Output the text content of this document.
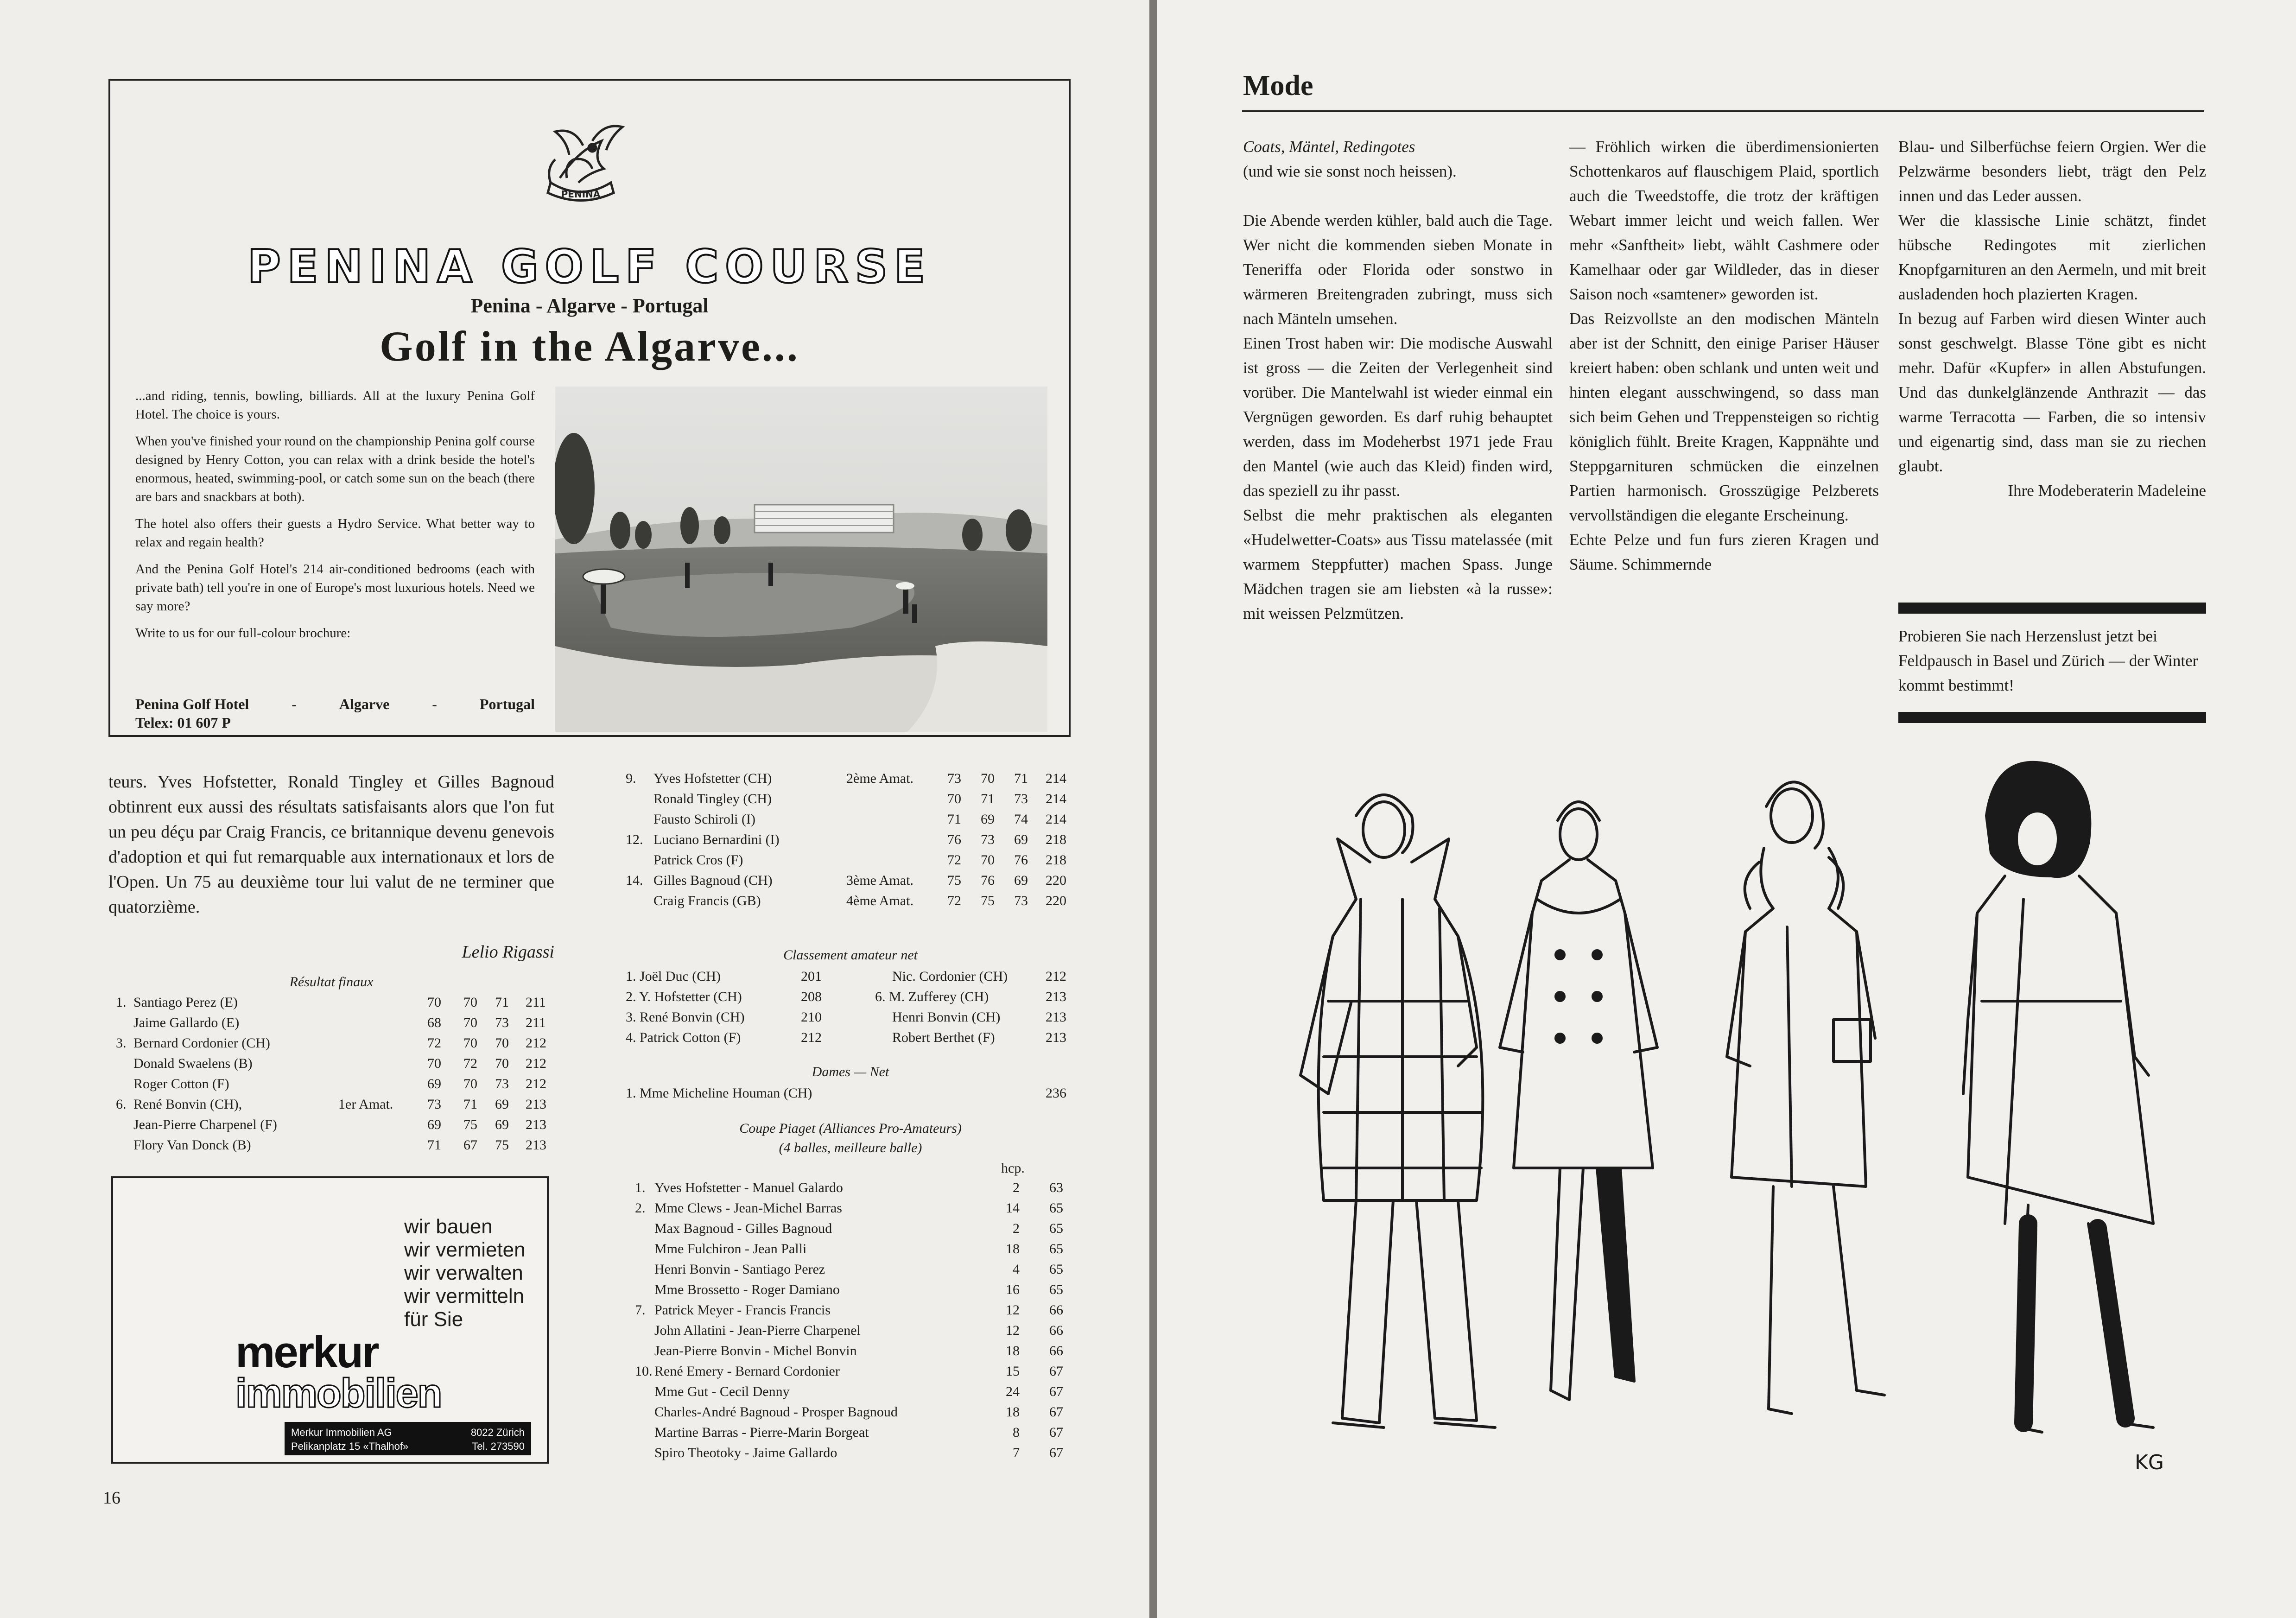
PENINA
PENINA GOLF COURSE
Penina - Algarve - Portugal
Golf in the Algarve...

...and riding, tennis, bowling, billiards. All at the luxury Penina Golf Hotel. The choice is yours.

When you've finished your round on the championship Penina golf course designed by Henry Cotton, you can relax with a drink beside the hotel's enormous, heated, swimming-pool, or catch some sun on the beach (there are bars and snackbars at both).

The hotel also offers their guests a Hydro Service. What better way to relax and regain health?

And the Penina Golf Hotel's 214 air-conditioned bedrooms (each with private bath) tell you're in one of Europe's most luxurious hotels. Need we say more?

Write to us for our full-colour brochure:

Penina Golf Hotel	-	Algarve	-	Portugal
Telex: 01 607 P

teurs. Yves Hofstetter, Ronald Tingley et Gilles Bagnoud obtinrent eux aussi des résultats satisfaisants alors que l'on fut un peu déçu par Craig Francis, ce britannique devenu genevois d'adoption et qui fut remarquable aux internationaux et lors de l'Open. Un 75 au deuxième tour lui valut de ne terminer que quatorzième.

Lelio Rigassi
Résultat finaux
1. Santiago Perez (E)	70 70 71 211
Jaime Gallardo (E)	68 70 73 211
3. Bernard Cordonier (CH)	72 70 70 212
Donald Swaelens (B)	70 72 70 212
Roger Cotton (F)	69 70 73 212
6. René Bonvin (CH),	1er Amat. 73 71 69 213
Jean-Pierre Charpenel (F)	69 75 69 213
Flory Van Donck (B)	71 67 75 213
9. Yves Hofstetter (CH)	2ème Amat. 73 70 71 214
Ronald Tingley (CH)	70 71 73 214
Fausto Schiroli (I)	71 69 74 214
12. Luciano Bernardini (I)	76 73 69 218
Patrick Cros (F)	72 70 76 218
14. Gilles Bagnoud (CH)	3ème Amat. 75 76 69 220
Craig Francis (GB)	4ème Amat. 72 75 73 220
Classement amateur net
1. Joël Duc (CH)	201	Nic. Cordonier (CH)	212
2. Y. Hofstetter (CH)	208	6. M. Zufferey (CH)	213
3. René Bonvin (CH)	210	Henri Bonvin (CH)	213
4. Patrick Cotton (F)	212	Robert Berthet (F)	213
Dames — Net
1. Mme Micheline Houman (CH)	236
Coupe Piaget (Alliances Pro-Amateurs)
(4 balles, meilleure balle)
hcp.
1. Yves Hofstetter - Manuel Galardo	2 63
2. Mme Clews - Jean-Michel Barras	14 65
Max Bagnoud - Gilles Bagnoud	2 65
Mme Fulchiron - Jean Palli	18 65
Henri Bonvin - Santiago Perez	4 65
Mme Brossetto - Roger Damiano	16 65
7. Patrick Meyer - Francis Francis	12 66
John Allatini - Jean-Pierre Charpenel	12 66
Jean-Pierre Bonvin - Michel Bonvin	18 66
10. René Emery - Bernard Cordonier	15 67
Mme Gut - Cecil Denny	24 67
Charles-André Bagnoud - Prosper Bagnoud	18 67
Martine Barras - Pierre-Marin Borgeat	8 67
Spiro Theotoky - Jaime Gallardo	7 67
wir bauen
wir vermieten
wir verwalten
wir vermitteln
für Sie
merkur
immobilien
Merkur Immobilien AG	8022 Zürich
Pelikanplatz 15 «Thalhof»	Tel. 273590
16
Mode

Coats, Mäntel, Redingotes

(und wie sie sonst noch heissen).

Die Abende werden kühler, bald auch die Tage. Wer nicht die kommenden sieben Monate in Teneriffa oder Florida oder sonstwo in wärmeren Breitengraden zubringt, muss sich nach Mänteln umsehen.

Einen Trost haben wir: Die modische Auswahl ist gross — die Zeiten der Verlegenheit sind vorüber. Die Mantelwahl ist wieder einmal ein Vergnügen geworden. Es darf ruhig behauptet werden, dass im Modeherbst 1971 jede Frau den Mantel (wie auch das Kleid) finden wird, das speziell zu ihr passt.

Selbst die mehr praktischen als eleganten «Hudelwetter-Coats» aus Tissu matelassée (mit warmem Steppfutter) machen Spass. Junge Mädchen tragen sie am liebsten «à la russe»: mit weissen Pelzmützen.

— Fröhlich wirken die überdimensionierten Schottenkaros auf flauschigem Plaid, sportlich auch die Tweedstoffe, die trotz der kräftigen Webart immer leicht und weich fallen. Wer mehr «Sanftheit» liebt, wählt Cashmere oder Kamelhaar oder gar Wildleder, das in dieser Saison noch «samtener» geworden ist.

Das Reizvollste an den modischen Mänteln aber ist der Schnitt, den einige Pariser Häuser kreiert haben: oben schlank und unten weit und hinten elegant ausschwingend, so dass man sich beim Gehen und Treppensteigen so richtig königlich fühlt. Breite Kragen, Kappnähte und Steppgarnituren schmücken die einzelnen Partien harmonisch. Grosszügige Pelzberets vervollständigen die elegante Erscheinung.

Echte Pelze und fun furs zieren Kragen und Säume. Schimmernde

Blau- und Silberfüchse feiern Orgien. Wer die Pelzwärme besonders liebt, trägt den Pelz innen und das Leder aussen.

Wer die klassische Linie schätzt, findet hübsche Redingotes mit zierlichen Knopfgarnituren an den Aermeln, und mit breit ausladenden hoch plazierten Kragen.

In bezug auf Farben wird diesen Winter auch sonst geschwelgt. Blasse Töne gibt es nicht mehr. Dafür «Kupfer» in allen Abstufungen. Und das dunkelglänzende Anthrazit — das warme Terracotta — Farben, die so intensiv und eigenartig sind, dass man sie zu riechen glaubt.

Ihre Modeberaterin Madeleine

Probieren Sie nach Herzenslust jetzt bei Feldpausch in Basel und Zürich — der Winter kommt bestimmt!

KG
